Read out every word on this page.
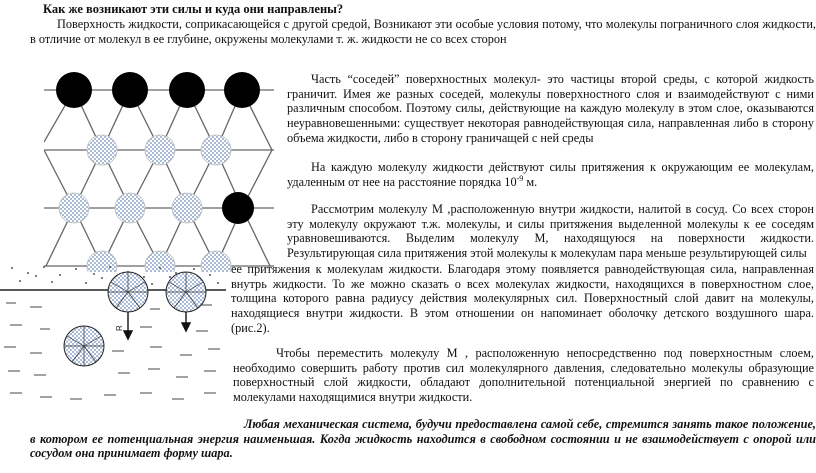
Как же возникают эти силы и куда они направлены?
Поверхность жидкости, соприкасающейся с другой средой, Возникают эти особые условия потому, что молекулы пограничного слоя жидкости, в отличие от молекул в ее глубине, окружены молекулами т. ж. жидкости не со всех сторон
Часть “соседей” поверхностных молекул- это частицы второй среды, с которой жидкость граничит. Имея же разных соседей, молекулы поверхностного слоя и взаимодействуют с ними различным способом. Поэтому силы, действующие на каждую молекулу в этом слое, оказываются неуравновешенными: существует некоторая равнодействующая сила, направленная либо в сторону объема жидкости, либо в сторону граничащей с ней среды
На каждую молекулу жидкости действуют силы притяжения к окружающим ее молекулам, удаленным от нее на расстояние порядка $10^{-9}$ м.
Рассмотрим молекулу М ,расположенную внутри жидкости, налитой в сосуд. Со всех сторон эту молекулу окружают т.ж. молекулы, и силы притяжения выделенной молекулы к ее соседям уравновешиваются. Выделим молекулу М, находящуюся на поверхности жидкости. Результирующая сила притяжения этой молекулы к молекулам пара меньше результирующей силы
ее притяжения к молекулам жидкости. Благодаря этому появляется равнодействующая сила, направленная внутрь жидкости. То же можно сказать о всех молекулах жидкости, находящихся в поверхностном слое, толщина которого равна радиусу действия молекулярных сил. Поверхностный слой давит на молекулы, находящиеся внутри жидкости. В этом отношении он напоминает оболочку детского воздушного шара. (рис.2).
R
Чтобы переместить молекулу М , расположенную непосредственно под поверхностным слоем, необходимо совершить работу против сил молекулярного давления, следовательно молекулы образующие поверхностный слой жидкости, обладают дополнительной потенциальной энергией по сравнению с молекулами находящимися внутри жидкости.
Любая механическая система, будучи предоставлена самой себе, стремится занять такое положение, в котором ее потенциальная энергия наименьшая. Когда жидкость находится в свободном состоянии и не взаимодействует с опорой или сосудом она принимает форму шара.
